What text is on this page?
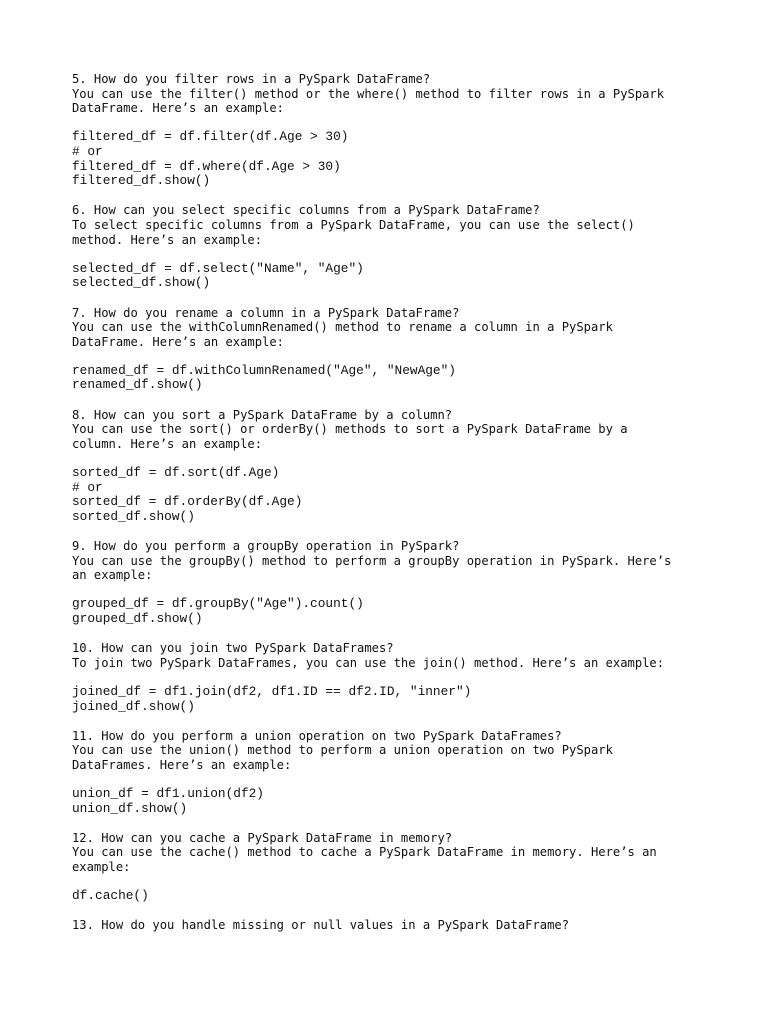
5. How do you filter rows in a PySpark DataFrame?
You can use the filter() method or the where() method to filter rows in a PySpark
DataFrame. Here’s an example:
filtered_df = df.filter(df.Age > 30)
# or
filtered_df = df.where(df.Age > 30)
filtered_df.show()
6. How can you select specific columns from a PySpark DataFrame?
To select specific columns from a PySpark DataFrame, you can use the select()
method. Here’s an example:
selected_df = df.select("Name", "Age")
selected_df.show()
7. How do you rename a column in a PySpark DataFrame?
You can use the withColumnRenamed() method to rename a column in a PySpark
DataFrame. Here’s an example:
renamed_df = df.withColumnRenamed("Age", "NewAge")
renamed_df.show()
8. How can you sort a PySpark DataFrame by a column?
You can use the sort() or orderBy() methods to sort a PySpark DataFrame by a
column. Here’s an example:
sorted_df = df.sort(df.Age)
# or
sorted_df = df.orderBy(df.Age)
sorted_df.show()
9. How do you perform a groupBy operation in PySpark?
You can use the groupBy() method to perform a groupBy operation in PySpark. Here’s
an example:
grouped_df = df.groupBy("Age").count()
grouped_df.show()
10. How can you join two PySpark DataFrames?
To join two PySpark DataFrames, you can use the join() method. Here’s an example:
joined_df = df1.join(df2, df1.ID == df2.ID, "inner")
joined_df.show()
11. How do you perform a union operation on two PySpark DataFrames?
You can use the union() method to perform a union operation on two PySpark
DataFrames. Here’s an example:
union_df = df1.union(df2)
union_df.show()
12. How can you cache a PySpark DataFrame in memory?
You can use the cache() method to cache a PySpark DataFrame in memory. Here’s an
example:
df.cache()
13. How do you handle missing or null values in a PySpark DataFrame?
